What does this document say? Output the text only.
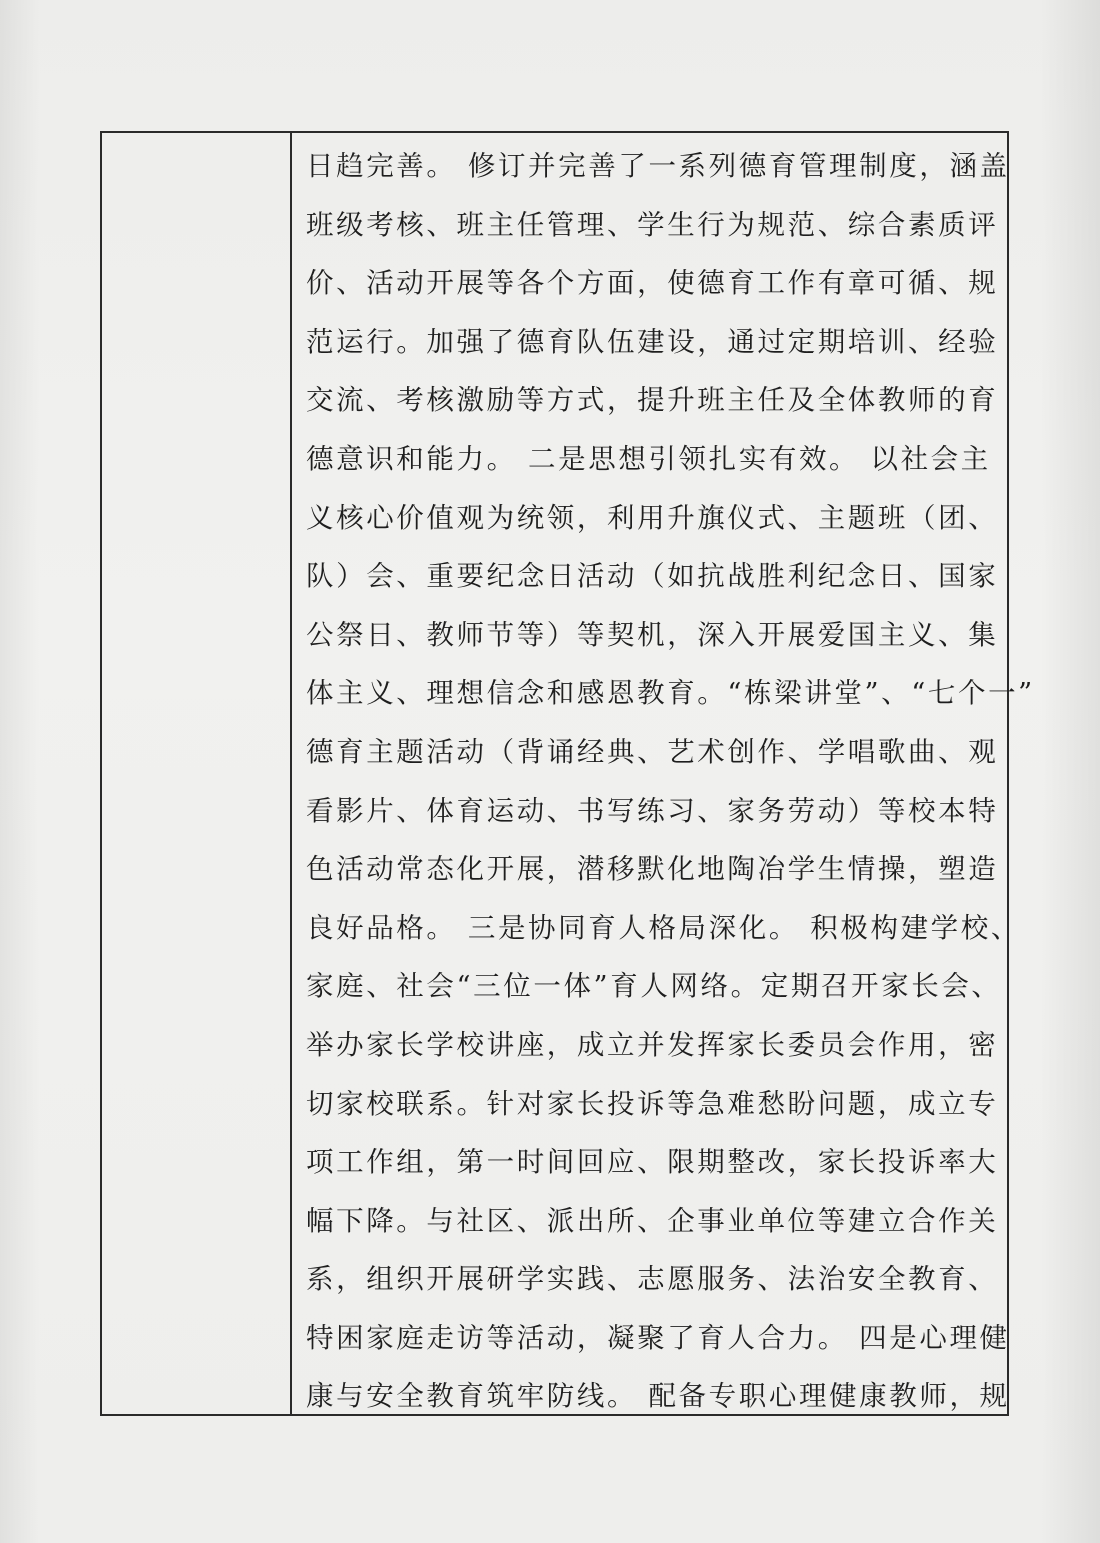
日趋完善。 修订并完善了一系列德育管理制度，涵盖
班级考核、班主任管理、学生行为规范、综合素质评
价、活动开展等各个方面，使德育工作有章可循、规
范运行。加强了德育队伍建设，通过定期培训、经验
交流、考核激励等方式，提升班主任及全体教师的育
德意识和能力。 二是思想引领扎实有效。 以社会主
义核心价值观为统领，利用升旗仪式、主题班（团、
队）会、重要纪念日活动（如抗战胜利纪念日、国家
公祭日、教师节等）等契机，深入开展爱国主义、集
体主义、理想信念和感恩教育。“栋梁讲堂”、“七个一”
德育主题活动（背诵经典、艺术创作、学唱歌曲、观
看影片、体育运动、书写练习、家务劳动）等校本特
色活动常态化开展，潜移默化地陶冶学生情操，塑造
良好品格。 三是协同育人格局深化。 积极构建学校、
家庭、社会“三位一体”育人网络。定期召开家长会、
举办家长学校讲座，成立并发挥家长委员会作用，密
切家校联系。针对家长投诉等急难愁盼问题，成立专
项工作组，第一时间回应、限期整改，家长投诉率大
幅下降。与社区、派出所、企事业单位等建立合作关
系，组织开展研学实践、志愿服务、法治安全教育、
特困家庭走访等活动，凝聚了育人合力。 四是心理健
康与安全教育筑牢防线。 配备专职心理健康教师，规
